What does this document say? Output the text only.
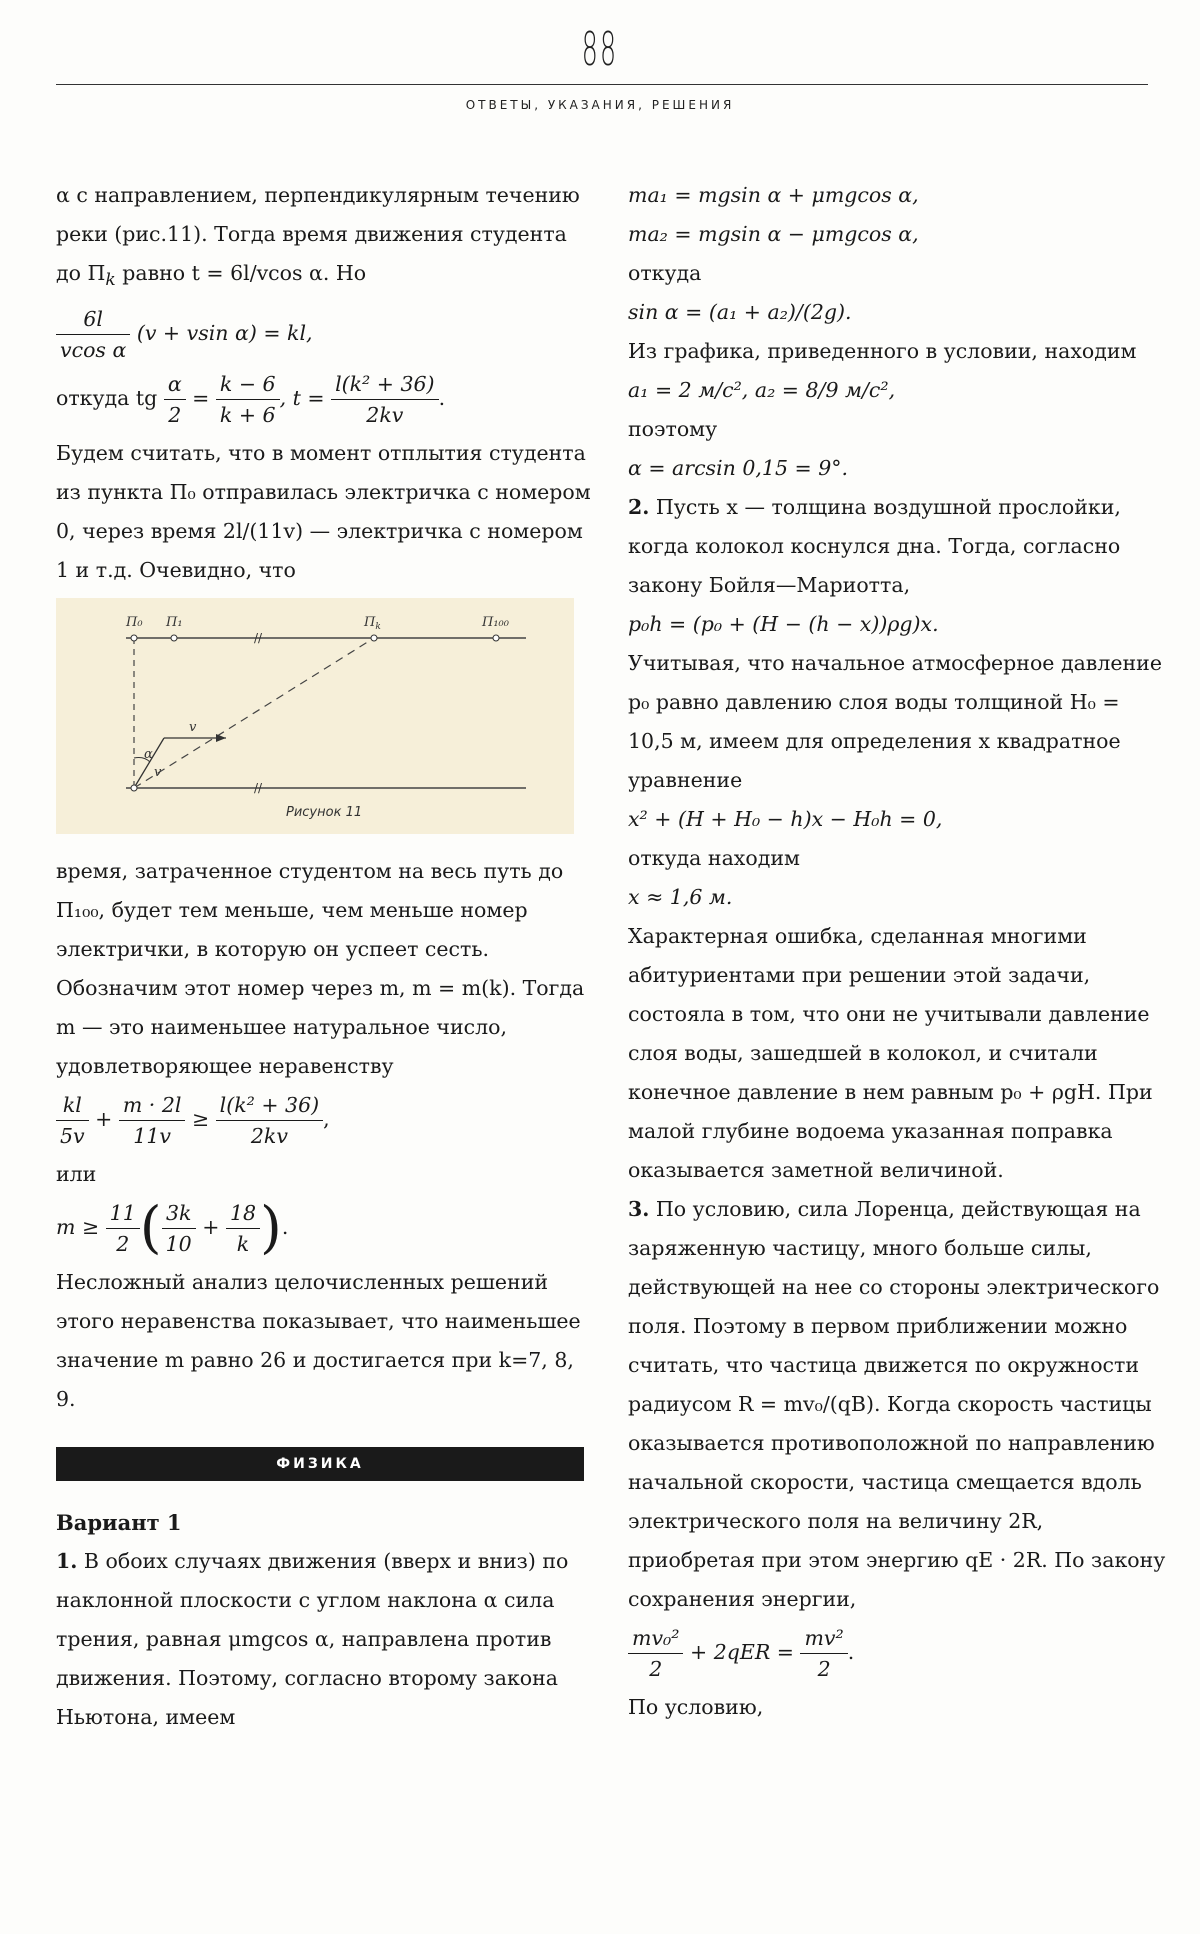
88
ОТВЕТЫ, УКАЗАНИЯ, РЕШЕНИЯ

α с направлением, перпендикулярным течению реки (рис.11). Тогда время движения студента до $П_k$ равно t = 6l/vcos α. Но

$\frac{6l}{\text{vcos α}} (v + vsin$ α) = kl,
откуда tg $\frac{\alpha}{2} = \frac{k - 6}{k + 6}$ , $t = \frac{\text{l(k² + 36)}}{2kv}$ .

Будем считать, что в момент отплытия студента из пункта П₀ отправилась электричка с номером 0, через время 2l/(11v) — электричка с номером 1 и т.д. Очевидно, что

//
//
П₀ П₁	$П_k$	П₁₀₀
v
α
v
Рисунок 11

время, затраченное студентом на весь путь до П₁₀₀, будет тем меньше, чем меньше номер электрички, в которую он успеет сесть. Обозначим этот номер через m, m = m(k). Тогда m — это наименьшее натуральное число, удовлетворяющее неравенству

$\frac{kl}{5v} + \frac{m \cdot 2l}{11v} \ge \frac{\text{l(k² + 36)}}{2kv}$ ,

или

$m \ge \frac{11}{2}$ ( $\frac{3k}{10} + \frac{18}{k}$ ).

Несложный анализ целочисленных решений этого неравенства показывает, что наименьшее значение m равно 26 и достигается при k=7, 8, 9.

ФИЗИКА

Вариант 1

1. В обоих случаях движения (вверх и вниз) по наклонной плоскости с углом наклона α сила трения, равная μmgcos α, направлена против движения. Поэтому, согласно второму закона Ньютона, имеем

ma₁ = mgsin α + μmgcos α,

ma₂ = mgsin α − μmgcos α,

откуда

sin α = (a₁ + a₂)/(2g).

Из графика, приведенного в условии, находим

a₁ = 2 м/с², a₂ = 8/9 м/с²,

поэтому

α = arcsin 0,15 = 9°.

2. Пусть x — толщина воздушной прослойки, когда колокол коснулся дна. Тогда, согласно закону Бойля—Мариотта,

p₀h = (p₀ + (H − (h − x))ρg)x.

Учитывая, что начальное атмосферное давление p₀ равно давлению слоя воды толщиной H₀ = 10,5 м, имеем для определения x квадратное уравнение

x² + (H + H₀ − h)x − H₀h = 0,

откуда находим

x ≈ 1,6 м.

Характерная ошибка, сделанная многими абитуриентами при решении этой задачи, состояла в том, что они не учитывали давление слоя воды, зашедшей в колокол, и считали конечное давление в нем равным p₀ + ρgH. При малой глубине водоема указанная поправка оказывается заметной величиной.

3. По условию, сила Лоренца, действующая на заряженную частицу, много больше силы, действующей на нее со стороны электрического поля. Поэтому в первом приближении можно считать, что частица движется по окружности радиусом R = mv₀/(qB). Когда скорость частицы оказывается противоположной по направлению начальной скорости, частица смещается вдоль электрического поля на величину 2R, приобретая при этом энергию qE · 2R. По закону сохранения энергии,

$\frac{\text{mv₀²}}{2} + 2qER = \frac{\text{mv²}}{2}$ .

По условию,
